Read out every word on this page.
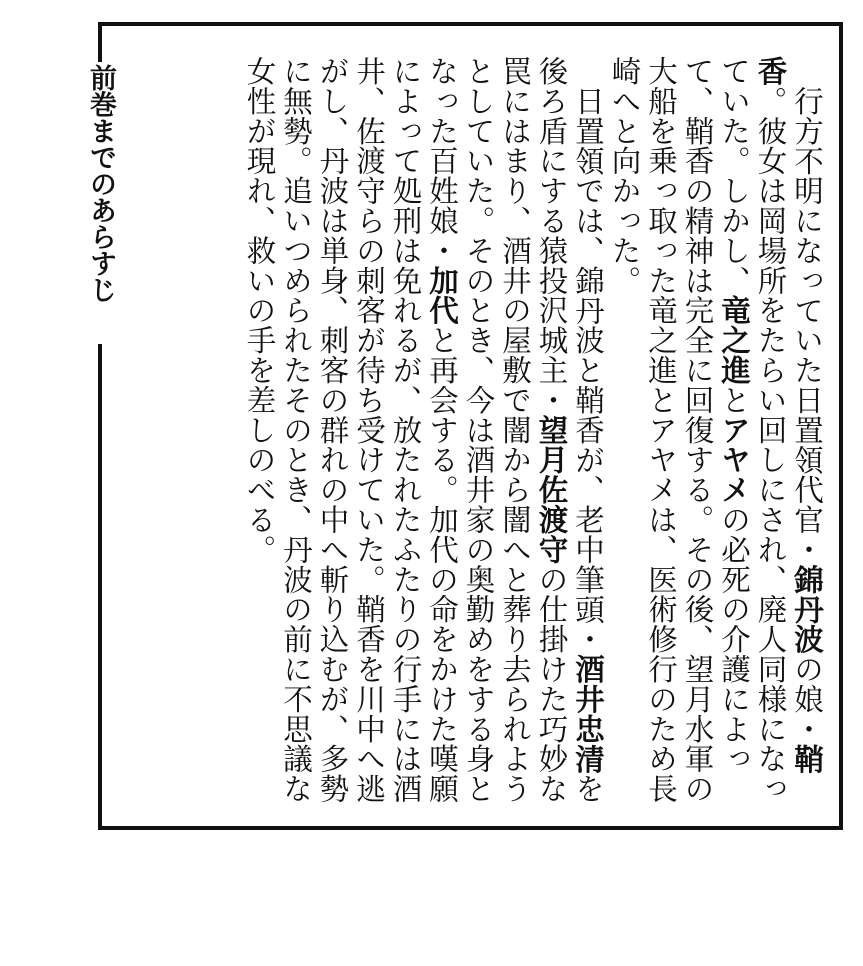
前巻までのあらすじ	行方不明になっていた日置領代官・錦丹波の娘・鞘香。彼女は岡場所をたらい回しにされ、廃人同様になっていた。しかし、竜之進とアヤメの必死の介護によって、鞘香の精神は完全に回復する。その後、望月水軍の大船を乗っ取った竜之進とアヤメは、医術修行のため長崎へと向かった。

日置領では、錦丹波と鞘香が、老中筆頭・酒井忠清を後ろ盾にする猿投沢城主・望月佐渡守の仕掛けた巧妙な罠にはまり、酒井の屋敷で闇から闇へと葬り去られようとしていた。そのとき、今は酒井家の奥勤めをする身となった百姓娘・加代と再会する。加代の命をかけた嘆願によって処刑は免れるが、放たれたふたりの行手には酒井、佐渡守らの刺客が待ち受けていた。鞘香を川中へ逃がし、丹波は単身、刺客の群れの中へ斬り込むが、多勢に無勢。追いつめられたそのとき、丹波の前に不思議な女性が現れ、救いの手を差しのべる。
